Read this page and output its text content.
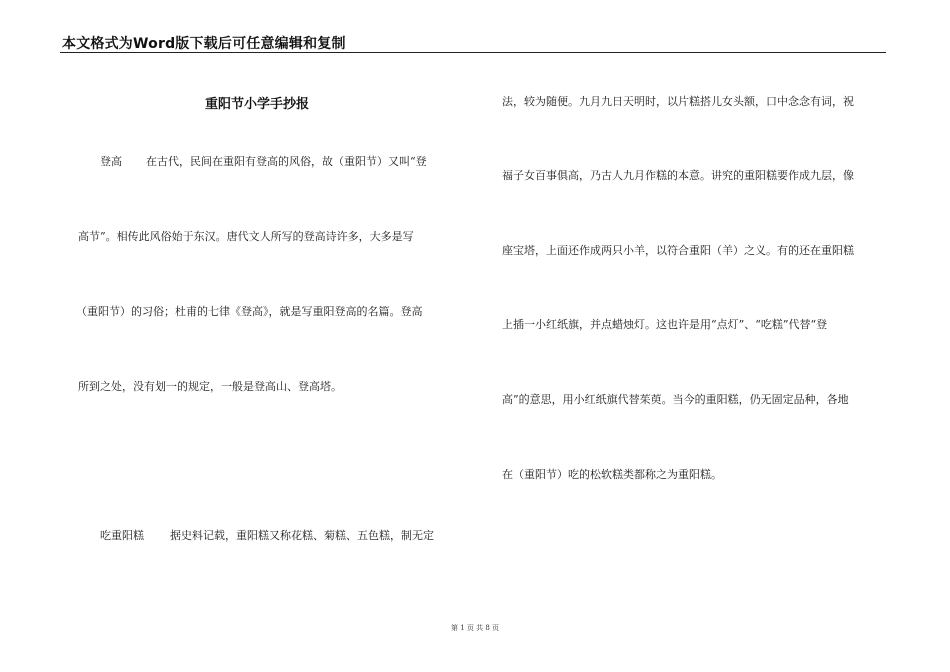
本文格式为Word版下载后可任意编辑和复制
重阳节小学手抄报
登高 在古代，民间在重阳有登高的风俗，故（重阳节）又叫“登
高节”。相传此风俗始于东汉。唐代文人所写的登高诗许多，大多是写
（重阳节）的习俗；杜甫的七律《登高》，就是写重阳登高的名篇。登高
所到之处，没有划一的规定，一般是登高山、登高塔。
吃重阳糕 据史料记载，重阳糕又称花糕、菊糕、五色糕，制无定
法，较为随便。九月九日天明时，以片糕搭儿女头额，口中念念有词，祝
福子女百事俱高，乃古人九月作糕的本意。讲究的重阳糕要作成九层，像
座宝塔，上面还作成两只小羊，以符合重阳（羊）之义。有的还在重阳糕
上插一小红纸旗，并点蜡烛灯。这也许是用“点灯”、“吃糕”代替“登
高”的意思，用小红纸旗代替茱萸。当今的重阳糕，仍无固定品种，各地
在（重阳节）吃的松软糕类都称之为重阳糕。
第 1 页 共 8 页
